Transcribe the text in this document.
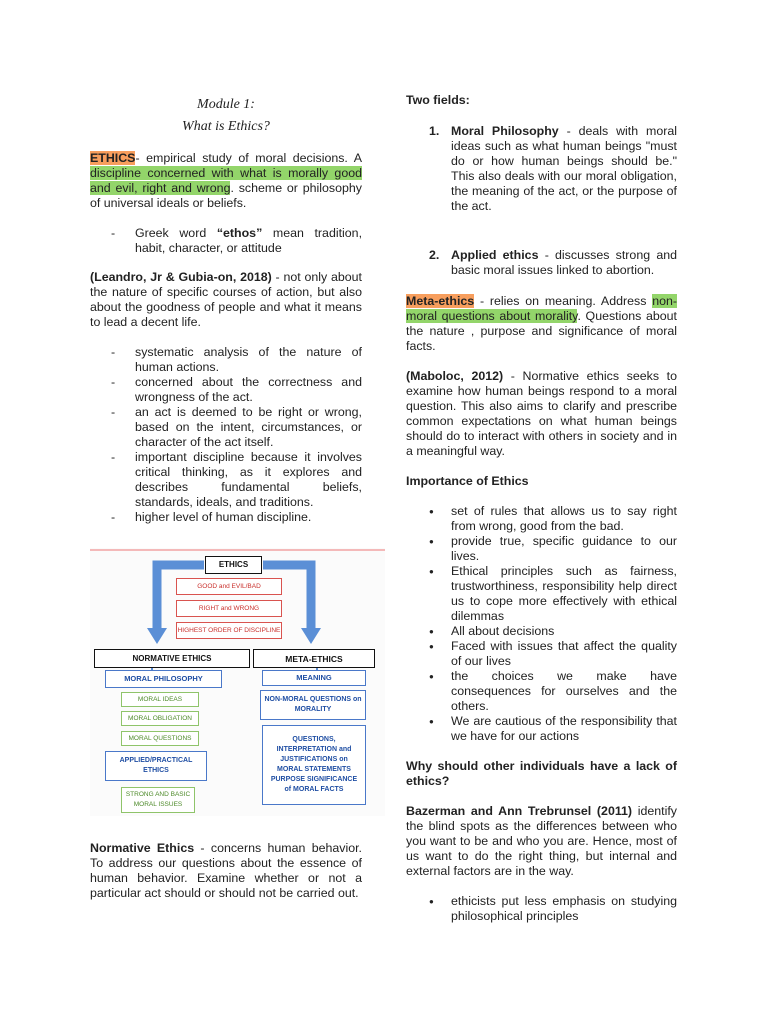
Module 1:
What is Ethics?

ETHICS- empirical study of moral decisions. A discipline concerned with what is morally good and evil, right and wrong. scheme or philosophy of universal ideals or beliefs.

- Greek word “ethos” mean tradition, habit, character, or attitude

(Leandro, Jr & Gubia-on, 2018) - not only about the nature of specific courses of action, but also about the goodness of people and what it means to lead a decent life.

- systematic analysis of the nature of human actions.
- concerned about the correctness and wrongness of the act.
- an act is deemed to be right or wrong, based on the intent, circumstances, or character of the act itself.
- important discipline because it involves critical thinking, as it explores and describes fundamental beliefs, standards, ideals, and traditions.
- higher level of human discipline.
ETHICS
GOOD and EVIL/BAD
RIGHT and WRONG
HIGHEST ORDER OF DISCIPLINE
NORMATIVE ETHICS	META-ETHICS
MORAL PHILOSOPHY
MORAL IDEAS
MORAL OBLIGATION
MORAL QUESTIONS
APPLIED/PRACTICAL ETHICS
STRONG AND BASIC MORAL ISSUES
MEANING
NON-MORAL QUESTIONS on MORALITY
QUESTIONS, INTERPRETATION and JUSTIFICATIONS on MORAL STATEMENTS PURPOSE SIGNIFICANCE of MORAL FACTS

Normative Ethics - concerns human behavior. To address our questions about the essence of human behavior. Examine whether or not a particular act should or should not be carried out.

Two fields:
1. Moral Philosophy - deals with moral ideas such as what human beings "must do or how human beings should be." This also deals with our moral obligation, the meaning of the act, or the purpose of the act.
2. Applied ethics - discusses strong and basic moral issues linked to abortion.

Meta-ethics - relies on meaning. Address non-moral questions about morality. Questions about the nature , purpose and significance of moral facts.

(Maboloc, 2012) - Normative ethics seeks to examine how human beings respond to a moral question. This also aims to clarify and prescribe common expectations on what human beings should do to interact with others in society and in a meaningful way.

Importance of Ethics
● set of rules that allows us to say right from wrong, good from the bad.
● provide true, specific guidance to our lives.
● Ethical principles such as fairness, trustworthiness, responsibility help direct us to cope more effectively with ethical dilemmas
● All about decisions
● Faced with issues that affect the quality of our lives
● the choices we make have consequences for ourselves and the others.
● We are cautious of the responsibility that we have for our actions
Why should other individuals have a lack of ethics?

Bazerman and Ann Trebrunsel (2011) identify the blind spots as the differences between who you want to be and who you are. Hence, most of us want to do the right thing, but internal and external factors are in the way.

● ethicists put less emphasis on studying philosophical principles
